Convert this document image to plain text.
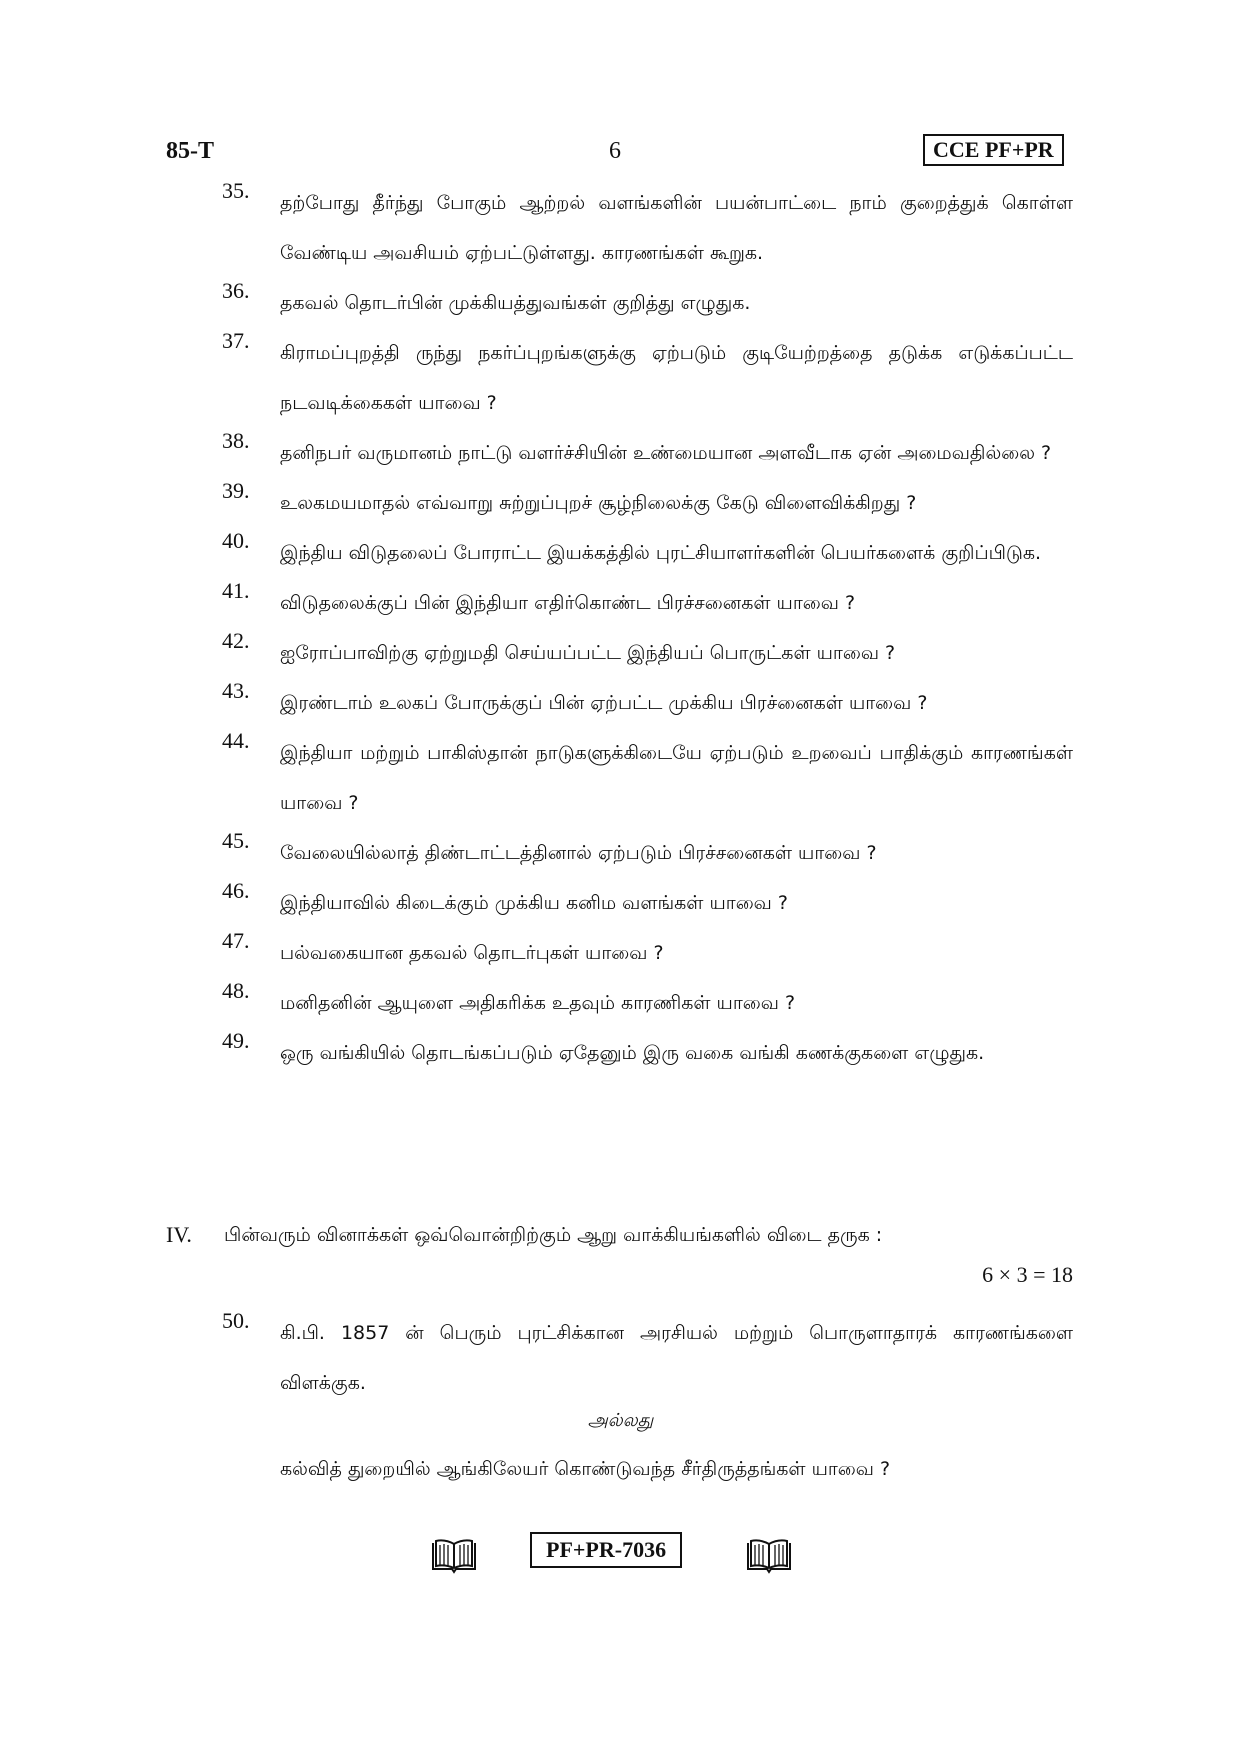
85-T	6	CCE PF+PR
35.	தற்போது தீர்ந்து போகும் ஆற்றல் வளங்களின் பயன்பாட்டை நாம் குறைத்துக் கொள்ள வேண்டிய அவசியம் ஏற்பட்டுள்ளது. காரணங்கள் கூறுக.
36.	தகவல் தொடர்பின் முக்கியத்துவங்கள் குறித்து எழுதுக.
37.	கிராமப்புறத்தி ருந்து நகர்ப்புறங்களுக்கு ஏற்படும் குடியேற்றத்தை தடுக்க எடுக்கப்பட்ட நடவடிக்கைகள் யாவை ?
38.	தனிநபர் வருமானம் நாட்டு வளர்ச்சியின் உண்மையான அளவீடாக ஏன் அமைவதில்லை ?
39.	உலகமயமாதல் எவ்வாறு சுற்றுப்புறச் சூழ்நிலைக்கு கேடு விளைவிக்கிறது ?
40.	இந்திய விடுதலைப் போராட்ட இயக்கத்தில் புரட்சியாளர்களின் பெயர்களைக் குறிப்பிடுக.
41.	விடுதலைக்குப் பின் இந்தியா எதிர்கொண்ட பிரச்சனைகள் யாவை ?
42.	ஐரோப்பாவிற்கு ஏற்றுமதி செய்யப்பட்ட இந்தியப் பொருட்கள் யாவை ?
43.	இரண்டாம் உலகப் போருக்குப் பின் ஏற்பட்ட முக்கிய பிரச்னைகள் யாவை ?
44.	இந்தியா மற்றும் பாகிஸ்தான் நாடுகளுக்கிடையே ஏற்படும் உறவைப் பாதிக்கும் காரணங்கள் யாவை ?
45.	வேலையில்லாத் திண்டாட்டத்தினால் ஏற்படும் பிரச்சனைகள் யாவை ?
46.	இந்தியாவில் கிடைக்கும் முக்கிய கனிம வளங்கள் யாவை ?
47.	பல்வகையான தகவல் தொடர்புகள் யாவை ?
48.	மனிதனின் ஆயுளை அதிகரிக்க உதவும் காரணிகள் யாவை ?
49.	ஒரு வங்கியில் தொடங்கப்படும் ஏதேனும் இரு வகை வங்கி கணக்குகளை எழுதுக.
IV. பின்வரும் வினாக்கள் ஒவ்வொன்றிற்கும் ஆறு வாக்கியங்களில் விடை தருக :
6 × 3 = 18
50.	கி.பி. 1857 ன் பெரும் புரட்சிக்கான அரசியல் மற்றும் பொருளாதாரக் காரணங்களை விளக்குக.
அல்லது
கல்வித் துறையில் ஆங்கிலேயர் கொண்டுவந்த சீர்திருத்தங்கள் யாவை ?
PF+PR-7036
